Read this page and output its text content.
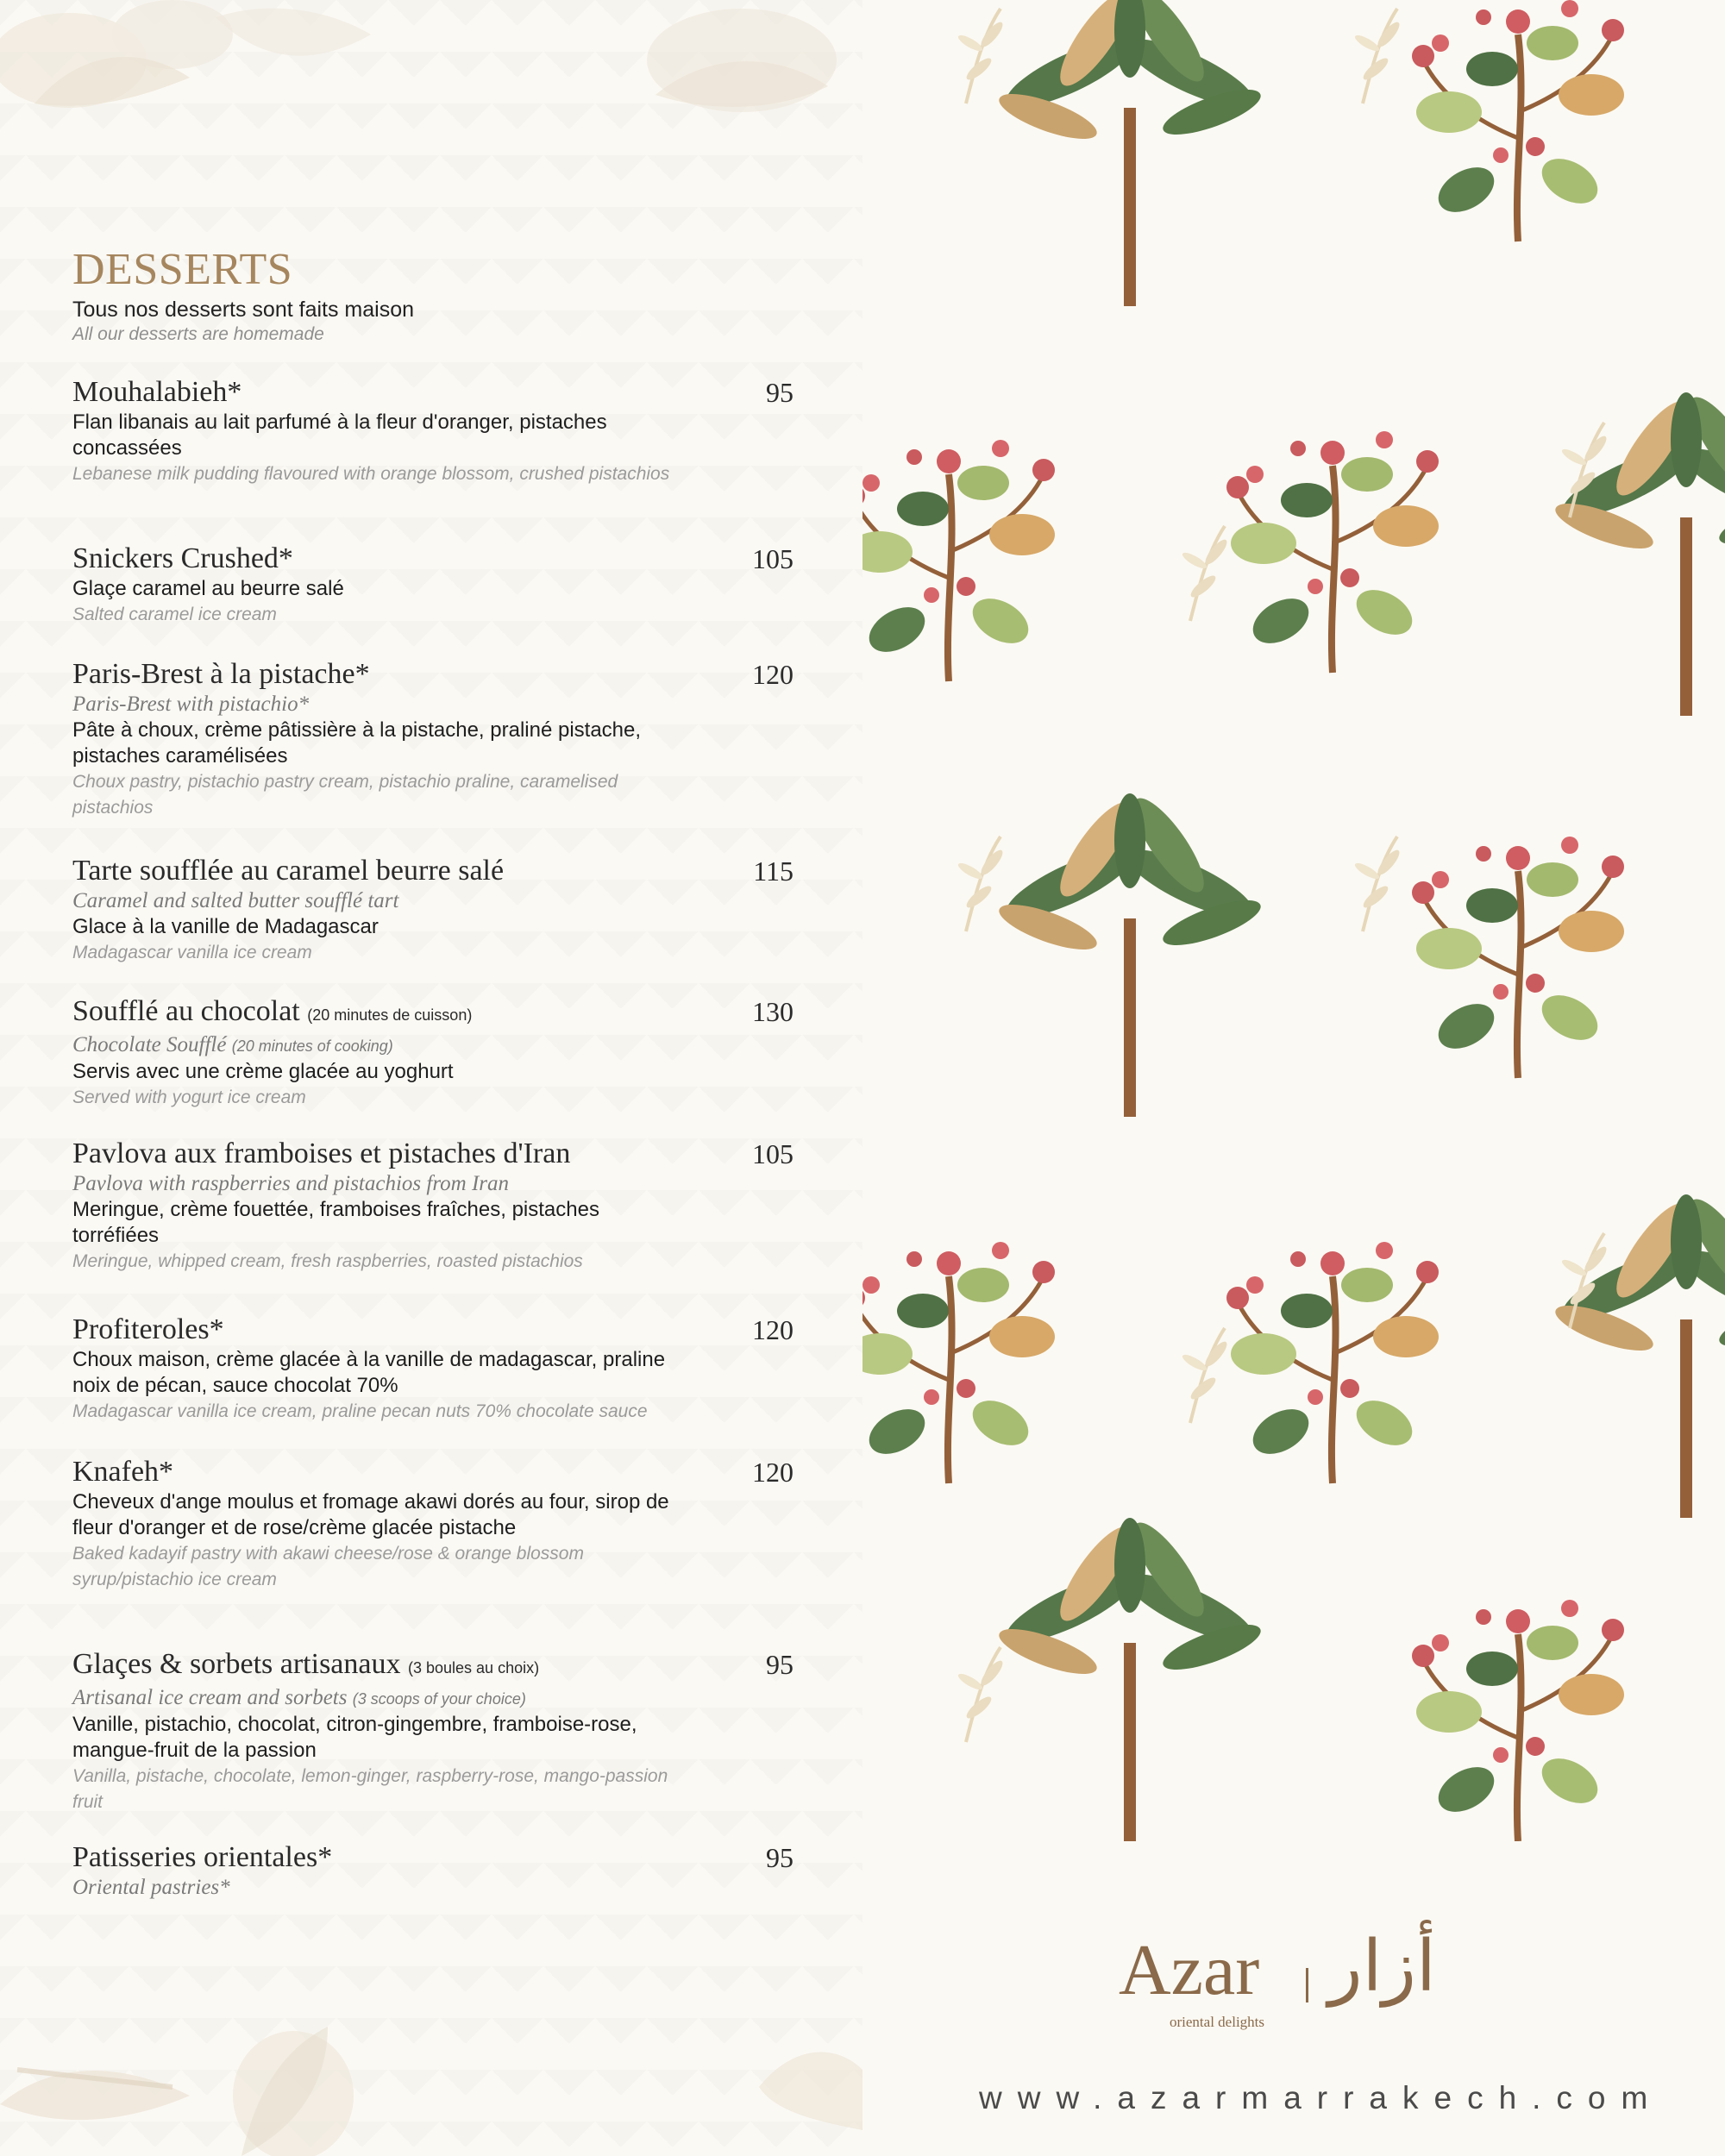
DESSERTS
Tous nos desserts sont faits maison
All our desserts are homemade
Mouhalabieh*	95
Flan libanais au lait parfumé à la fleur d'oranger, pistaches concassées
Lebanese milk pudding flavoured with orange blossom, crushed pistachios
Snickers Crushed*	105
Glaçe caramel au beurre salé
Salted caramel ice cream
Paris-Brest à la pistache*	120
Paris-Brest with pistachio*
Pâte à choux, crème pâtissière à la pistache, praliné pistache, pistaches caramélisées
Choux pastry, pistachio pastry cream, pistachio praline, caramelised pistachios
Tarte soufflée au caramel beurre salé	115
Caramel and salted butter soufflé tart
Glace à la vanille de Madagascar
Madagascar vanilla ice cream
Soufflé au chocolat (20 minutes de cuisson)	130
Chocolate Soufflé (20 minutes of cooking)
Servis avec une crème glacée au yoghurt
Served with yogurt ice cream
Pavlova aux framboises et pistaches d'Iran	105
Pavlova with raspberries and pistachios from Iran
Meringue, crème fouettée, framboises fraîches, pistaches torréfiées
Meringue, whipped cream, fresh raspberries, roasted pistachios
Profiteroles*	120
Choux maison, crème glacée à la vanille de madagascar, praline noix de pécan, sauce chocolat 70%
Madagascar vanilla ice cream, praline pecan nuts 70% chocolate sauce
Knafeh*	120
Cheveux d'ange moulus et fromage akawi dorés au four, sirop de fleur d'oranger et de rose/crème glacée pistache
Baked kadayif pastry with akawi cheese/rose & orange blossom syrup/pistachio ice cream
Glaçes & sorbets artisanaux (3 boules au choix)	95
Artisanal ice cream and sorbets (3 scoops of your choice)
Vanille, pistachio, chocolat, citron-gingembre, framboise-rose, mangue-fruit de la passion
Vanilla, pistache, chocolate, lemon-ginger, raspberry-rose, mango-passion fruit
Patisseries orientales*	95
Oriental pastries*
Azar أزار
oriental delights
www.azarmarrakech.com
